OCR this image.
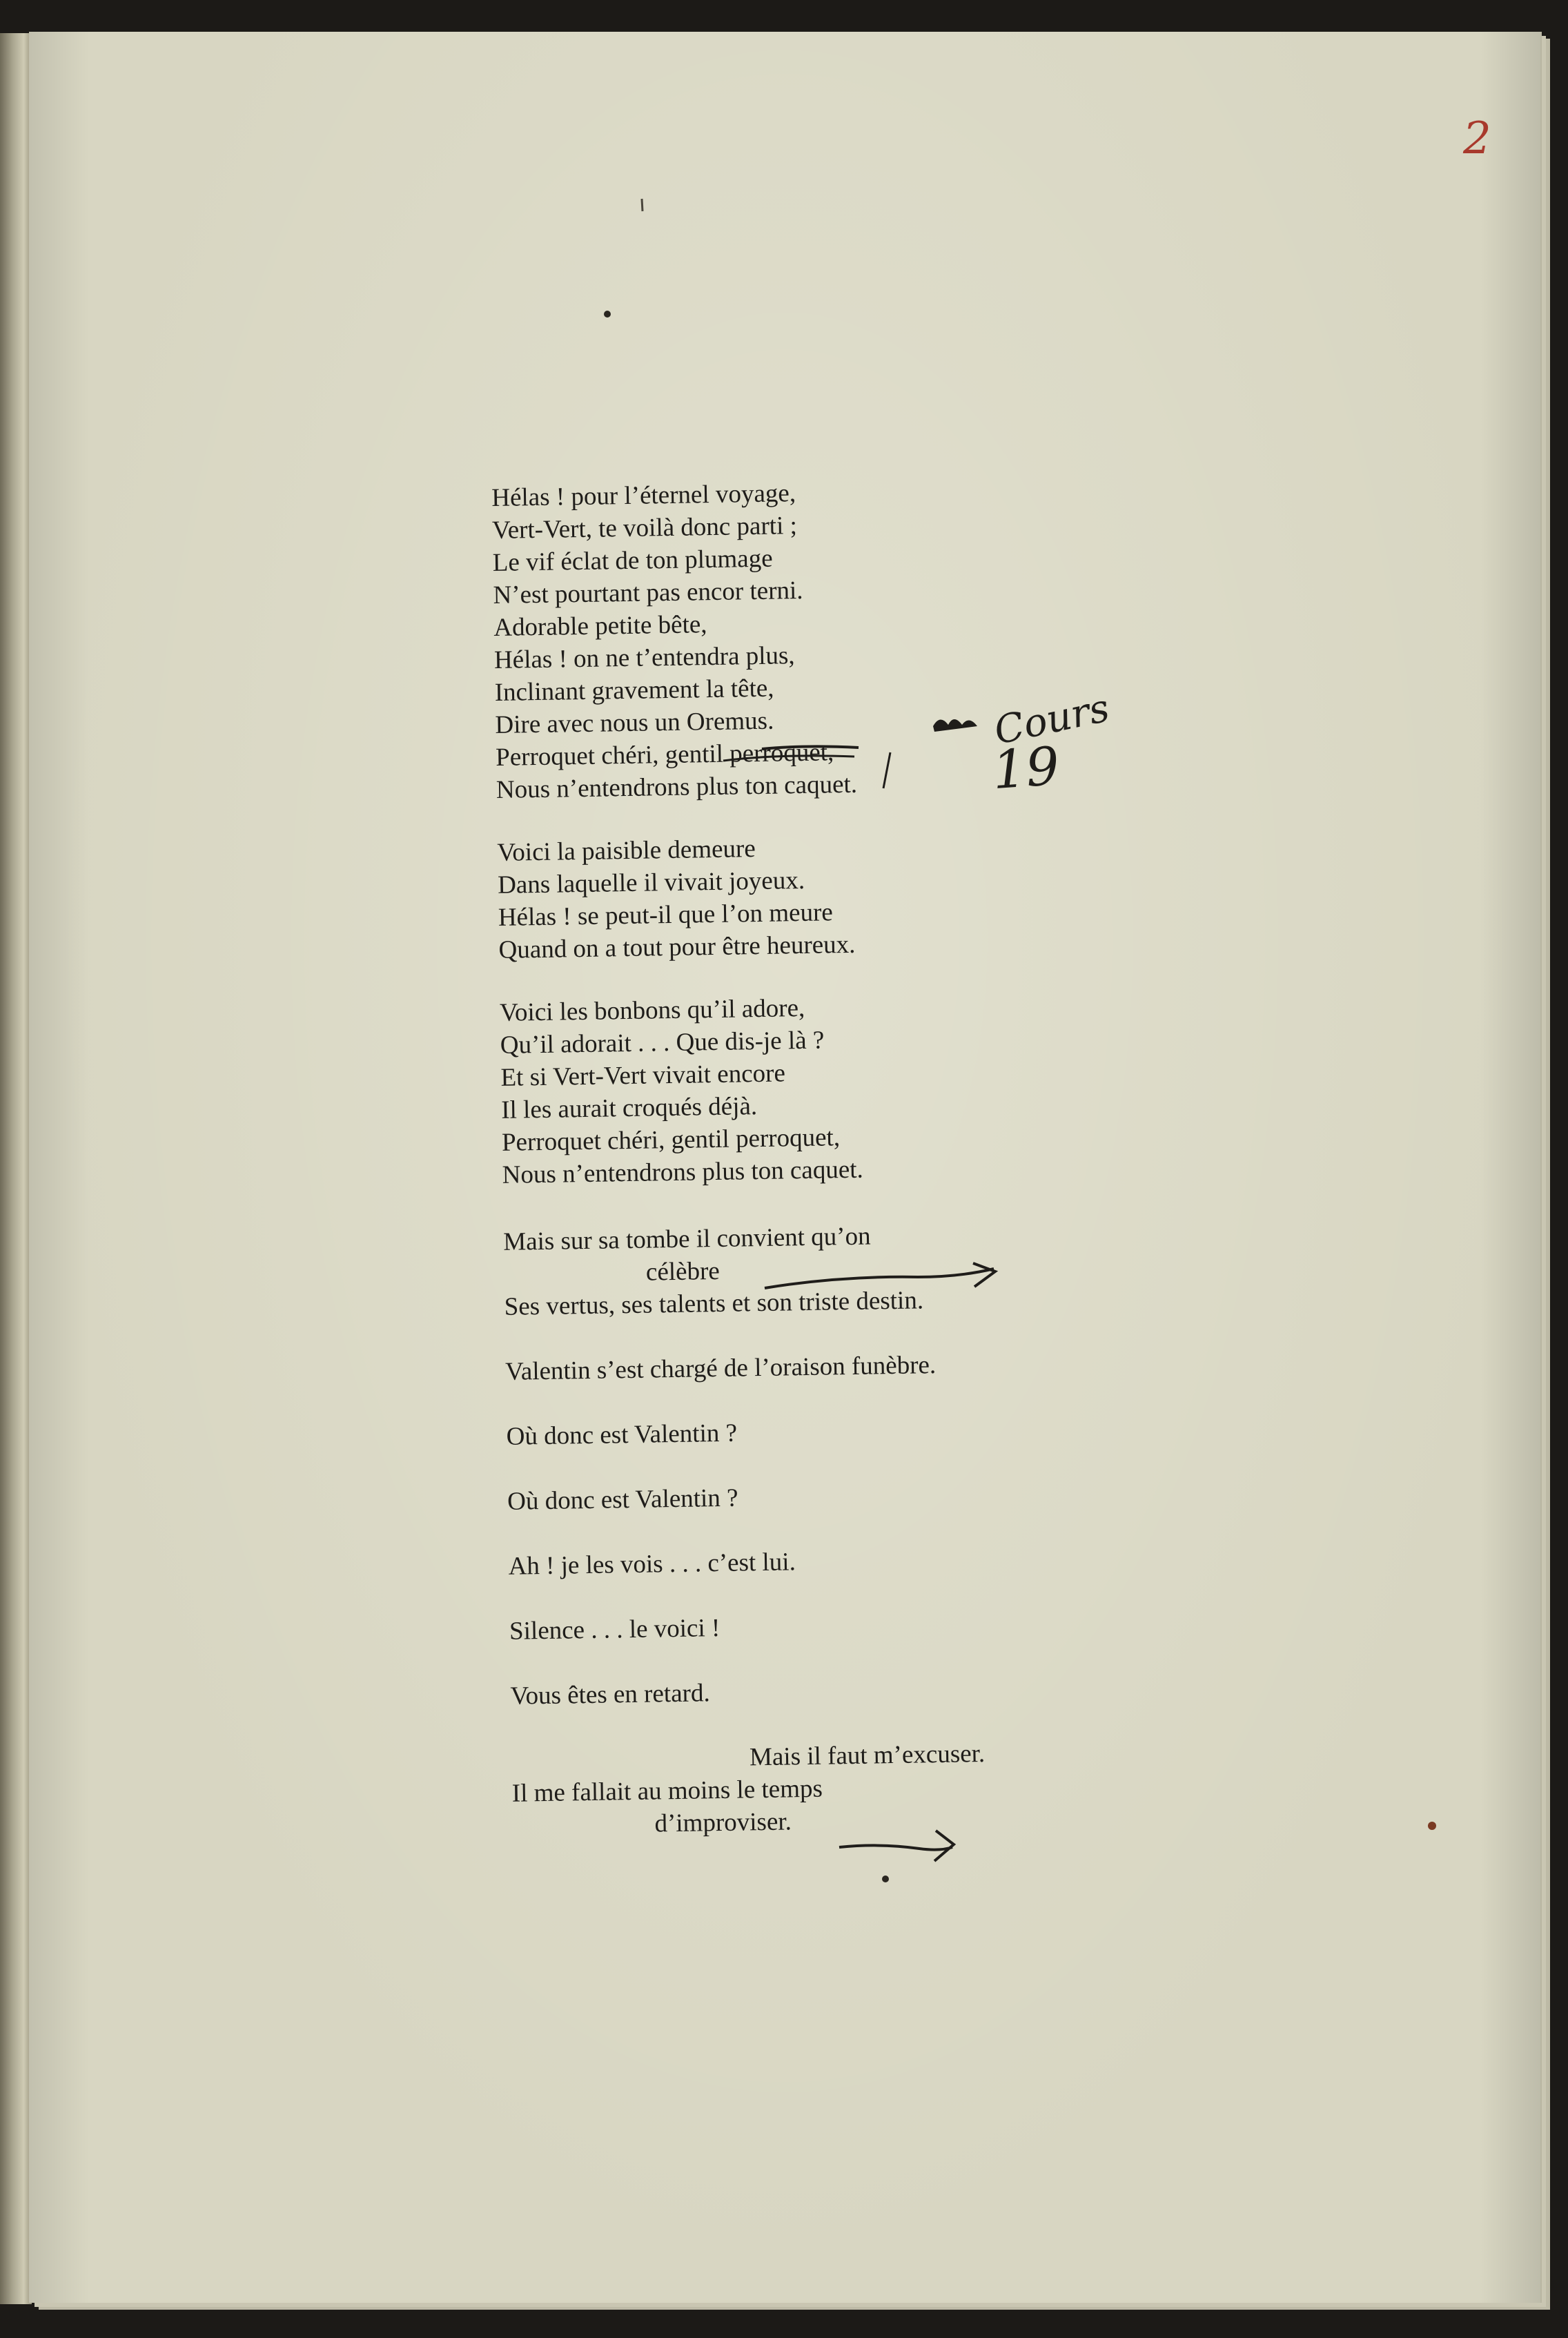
2
Hélas ! pour l’éternel voyage,
Vert-Vert, te voilà donc parti ;
Le vif éclat de ton plumage
N’est pourtant pas encor terni.
Adorable petite bête,
Hélas ! on ne t’entendra plus,
Inclinant gravement la tête,
Dire avec nous un Oremus.
Perroquet chéri, gentil perroquet,
Nous n’entendrons plus ton caquet.
Voici la paisible demeure
Dans laquelle il vivait joyeux.
Hélas ! se peut-il que l’on meure
Quand on a tout pour être heureux.
Voici les bonbons qu’il adore,
Qu’il adorait . . . Que dis-je là ?
Et si Vert-Vert vivait encore
Il les aurait croqués déjà.
Perroquet chéri, gentil perroquet,
Nous n’entendrons plus ton caquet.
Mais sur sa tombe il convient qu’on
célèbre
Ses vertus, ses talents et son triste destin.
Valentin s’est chargé de l’oraison funèbre.
Où donc est Valentin ?
Où donc est Valentin ?
Ah ! je les vois . . . c’est lui.
Silence . . . le voici !
Vous êtes en retard.
Mais il faut m’excuser.
Il me fallait au moins le temps
d’improviser.
Cours
19
